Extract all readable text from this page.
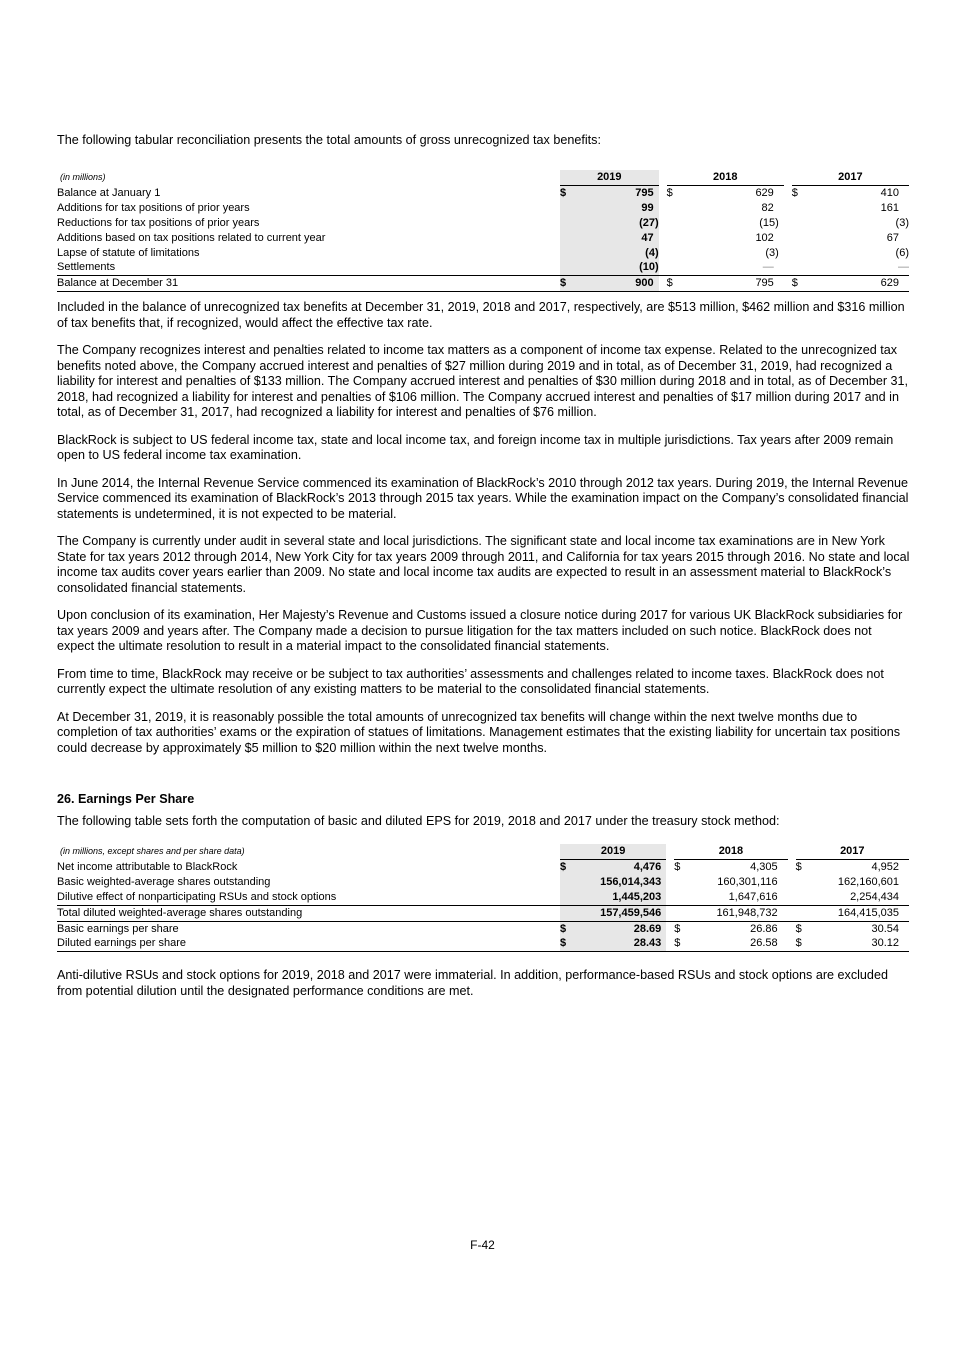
The following tabular reconciliation presents the total amounts of gross unrecognized tax benefits:
(in millions)	2019			2018			2017	
Balance at January 1	$	795		$	629		$	410
Additions for tax positions of prior years		99			82			161
Reductions for tax positions of prior years		(27)			(15)			(3)
Additions based on tax positions related to current year		47			102			67
Lapse of statute of limitations		(4)			(3)			(6)
Settlements		(10)			—			—
Balance at December 31	$	900		$	795		$	629

Included in the balance of unrecognized tax benefits at December 31, 2019, 2018 and 2017, respectively, are $513 million, $462 million and $316 million of tax benefits that, if recognized, would affect the effective tax rate.

The Company recognizes interest and penalties related to income tax matters as a component of income tax expense. Related to the unrecognized tax benefits noted above, the Company accrued interest and penalties of $27 million during 2019 and in total, as of December 31, 2019, had recognized a liability for interest and penalties of $133 million. The Company accrued interest and penalties of $30 million during 2018 and in total, as of December 31, 2018, had recognized a liability for interest and penalties of $106 million. The Company accrued interest and penalties of $17 million during 2017 and in total, as of December 31, 2017, had recognized a liability for interest and penalties of $76 million.

BlackRock is subject to US federal income tax, state and local income tax, and foreign income tax in multiple jurisdictions. Tax years after 2009 remain open to US federal income tax examination.

In June 2014, the Internal Revenue Service commenced its examination of BlackRock’s 2010 through 2012 tax years. During 2019, the Internal Revenue Service commenced its examination of BlackRock’s 2013 through 2015 tax years. While the examination impact on the Company’s consolidated financial statements is undetermined, it is not expected to be material.

The Company is currently under audit in several state and local jurisdictions. The significant state and local income tax examinations are in New York State for tax years 2012 through 2014, New York City for tax years 2009 through 2011, and California for tax years 2015 through 2016. No state and local income tax audits cover years earlier than 2009. No state and local income tax audits are expected to result in an assessment material to BlackRock’s consolidated financial statements.

Upon conclusion of its examination, Her Majesty’s Revenue and Customs issued a closure notice during 2017 for various UK BlackRock subsidiaries for tax years 2009 and years after. The Company made a decision to pursue litigation for the tax matters included on such notice. BlackRock does not expect the ultimate resolution to result in a material impact to the consolidated financial statements.

From time to time, BlackRock may receive or be subject to tax authorities’ assessments and challenges related to income taxes. BlackRock does not currently expect the ultimate resolution of any existing matters to be material to the consolidated financial statements.

At December 31, 2019, it is reasonably possible the total amounts of unrecognized tax benefits will change within the next twelve months due to completion of tax authorities’ exams or the expiration of statues of limitations. Management estimates that the existing liability for uncertain tax positions could decrease by approximately $5 million to $20 million within the next twelve months.

26. Earnings Per Share
The following table sets forth the computation of basic and diluted EPS for 2019, 2018 and 2017 under the treasury stock method:
(in millions, except shares and per share data)	2019			2018			2017	
Net income attributable to BlackRock	$	4,476		$	4,305		$	4,952
Basic weighted-average shares outstanding		156,014,343			160,301,116			162,160,601
Dilutive effect of nonparticipating RSUs and stock options		1,445,203			1,647,616			2,254,434
Total diluted weighted-average shares outstanding		157,459,546			161,948,732			164,415,035
Basic earnings per share	$	28.69		$	26.86		$	30.54
Diluted earnings per share	$	28.43		$	26.58		$	30.12
Anti-dilutive RSUs and stock options for 2019, 2018 and 2017 were immaterial. In addition, performance-based RSUs and stock options are excluded from potential dilution until the designated performance conditions are met.
F-42
